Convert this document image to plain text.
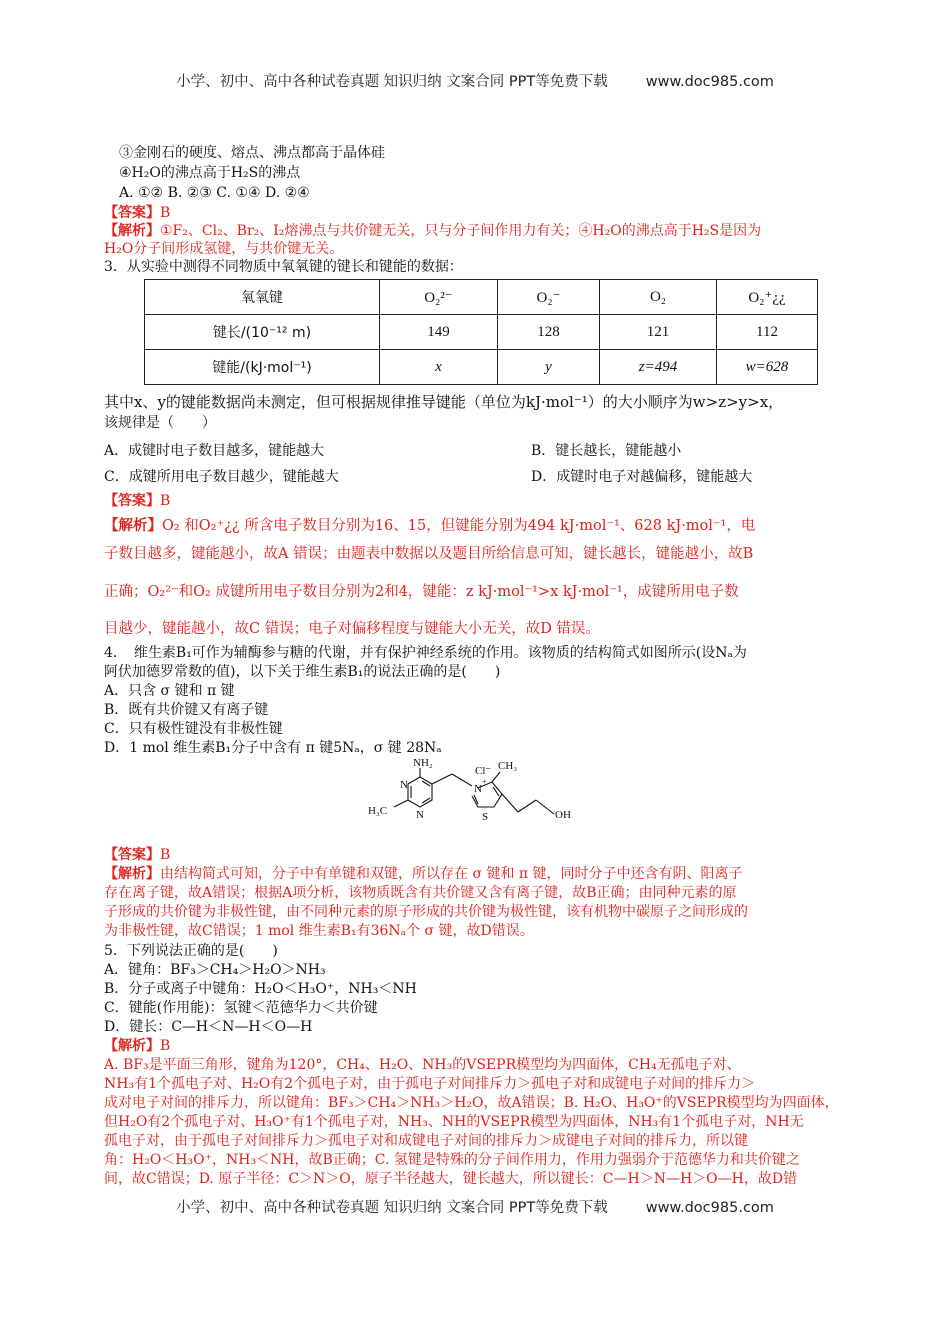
小学、初中、高中各种试卷真题 知识归纳 文案合同 PPT等免费下载	www.doc985.com
③金刚石的硬度、熔点、沸点都高于晶体硅
④H₂O的沸点高于H₂S的沸点
A. ①② B. ②③ C. ①④ D. ②④
【答案】B
【解析】①F₂、Cl₂、Br₂、I₂熔沸点与共价键无关，只与分子间作用力有关；④H₂O的沸点高于H₂S是因为
H₂O分子间形成氢键，与共价键无关。
3．从实验中测得不同物质中氧氧键的键长和键能的数据：
氧氧键	O₂²⁻	O₂⁻	O₂	O₂⁺¿¿
键长/(10⁻¹² m)	149	128	121	112
键能/(kJ·mol⁻¹)	x	y	z=494	w=628
其中x、y的键能数据尚未测定，但可根据规律推导键能（单位为kJ·mol⁻¹）的大小顺序为w>z>y>x，
该规律是（　　）
A．成键时电子数目越多，键能越大	B．键长越长，键能越小
C．成键所用电子数目越少，键能越大	D．成键时电子对越偏移，键能越大
【答案】B
【解析】O₂ 和O₂⁺¿¿ 所含电子数目分别为16、15，但键能分别为494 kJ·mol⁻¹、628 kJ·mol⁻¹，电
子数目越多，键能越小，故A 错误；由题表中数据以及题目所给信息可知，键长越长，键能越小，故B
正确；O₂²⁻和O₂ 成键所用电子数目分别为2和4，键能：z kJ·mol⁻¹>x kJ·mol⁻¹，成键所用电子数
目越少，键能越小，故C 错误；电子对偏移程度与键能大小无关，故D 错误。
4．　维生素B₁可作为辅酶参与糖的代谢，并有保护神经系统的作用。该物质的结构简式如图所示(设Nₐ为
阿伏加德罗常数的值)，以下关于维生素B₁的说法正确的是(　　)
A．只含 σ 键和 π 键
B．既有共价键又有离子键
C．只有极性键没有非极性键
D．1 mol 维生素B₁分子中含有 π 键5Nₐ，σ 键 28Nₐ
NH₂
Cl⁻ CH₃
H₃C	OH
N
N
N
+
S
【答案】B
【解析】由结构简式可知，分子中有单键和双键，所以存在 σ 键和 π 键，同时分子中还含有阴、阳离子
存在离子键，故A错误；根据A项分析，该物质既含有共价键又含有离子键，故B正确；由同种元素的原
子形成的共价键为非极性键，由不同种元素的原子形成的共价键为极性键，该有机物中碳原子之间形成的
为非极性键，故C错误；1 mol 维生素B₁有36Nₐ个 σ 键，故D错误。
5．下列说法正确的是(　　)
A．键角：BF₃＞CH₄＞H₂O＞NH₃
B．分子或离子中键角：H₂O＜H₃O⁺，NH₃＜NH
C．键能(作用能)：氢键＜范德华力＜共价键
D．键长：C—H＜N—H＜O—H
【解析】B
A. BF₃是平面三角形，键角为120°，CH₄、H₂O、NH₃的VSEPR模型均为四面体，CH₄无孤电子对、
NH₃有1个孤电子对、H₂O有2个孤电子对，由于孤电子对间排斥力＞孤电子对和成键电子对间的排斥力＞
成对电子对间的排斥力，所以键角：BF₃＞CH₄＞NH₃＞H₂O，故A错误；B. H₂O、H₃O⁺的VSEPR模型均为四面体，
但H₂O有2个孤电子对、H₃O⁺有1个孤电子对，NH₃、NH的VSEPR模型为四面体，NH₃有1个孤电子对，NH无
孤电子对，由于孤电子对间排斥力＞孤电子对和成键电子对间的排斥力＞成键电子对间的排斥力，所以键
角：H₂O＜H₃O⁺，NH₃＜NH，故B正确；C. 氢键是特殊的分子间作用力，作用力强弱介于范德华力和共价键之
间，故C错误；D. 原子半径：C＞N＞O，原子半径越大，键长越大，所以键长：C—H＞N—H＞O—H，故D错
小学、初中、高中各种试卷真题 知识归纳 文案合同 PPT等免费下载	www.doc985.com
